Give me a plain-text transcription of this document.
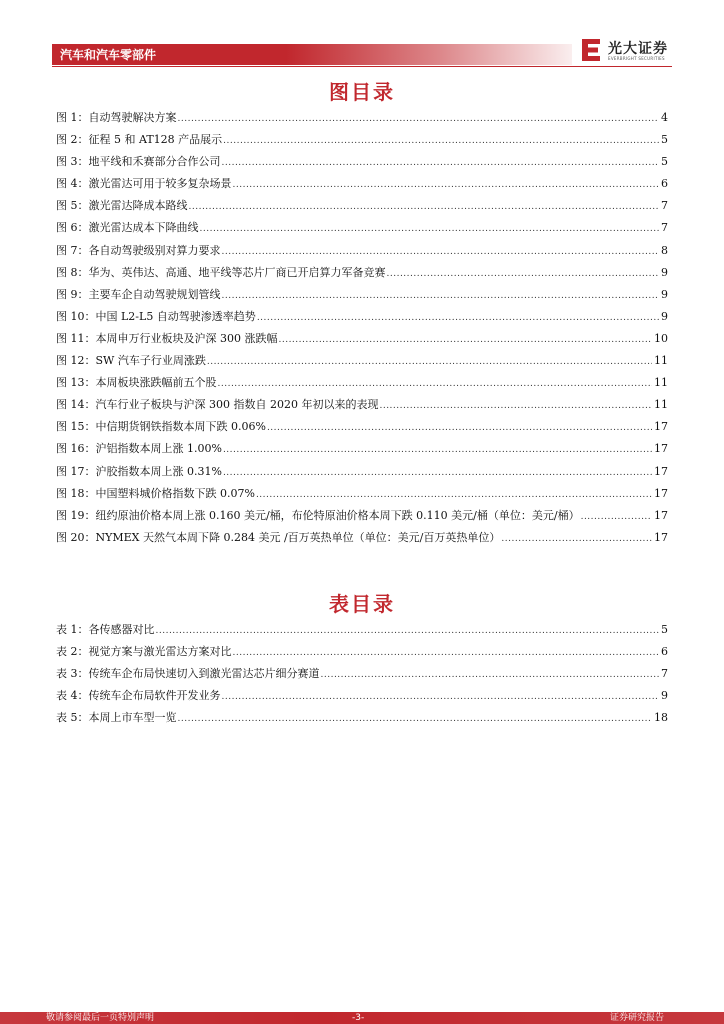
汽车和汽车零部件	光大证券
EVERBRIGHT SECURITIES
图目录
图 1：自动驾驶解决方案 .....	4
图 2：征程 5 和 AT128 产品展示 .....	5
图 3：地平线和禾赛部分合作公司 .....	5
图 4：激光雷达可用于较多复杂场景 .....	6
图 5：激光雷达降成本路线 .....	7
图 6：激光雷达成本下降曲线 .....	7
图 7：各自动驾驶级别对算力要求 .....	8
图 8：华为、英伟达、高通、地平线等芯片厂商已开启算力军备竞赛 .....	9
图 9：主要车企自动驾驶规划管线 .....	9
图 10：中国 L2-L5 自动驾驶渗透率趋势 .....	9
图 11：本周申万行业板块及沪深 300 涨跌幅 .....	10
图 12：SW 汽车子行业周涨跌 .....	11
图 13：本周板块涨跌幅前五个股 .....	11
图 14：汽车行业子板块与沪深 300 指数自 2020 年初以来的表现 .....	11
图 15：中信期货钢铁指数本周下跌 0.06% .....	17
图 16：沪铝指数本周上涨 1.00% .....	17
图 17：沪胶指数本周上涨 0.31% .....	17
图 18：中国塑料城价格指数下跌 0.07% .....	17
图 19：纽约原油价格本周上涨 0.160 美元/桶，布伦特原油价格本周下跌 0.110 美元/桶（单位：美元/桶） .....	17
图 20：NYMEX 天然气本周下降 0.284 美元 /百万英热单位（单位：美元/百万英热单位） .....	17
表目录
表 1：各传感器对比 .....	5
表 2：视觉方案与激光雷达方案对比 .....	6
表 3：传统车企布局快速切入到激光雷达芯片细分赛道 .....	7
表 4：传统车企布局软件开发业务 .....	9
表 5：本周上市车型一览 .....	18
敬请参阅最后一页特别声明	-3-	证券研究报告
